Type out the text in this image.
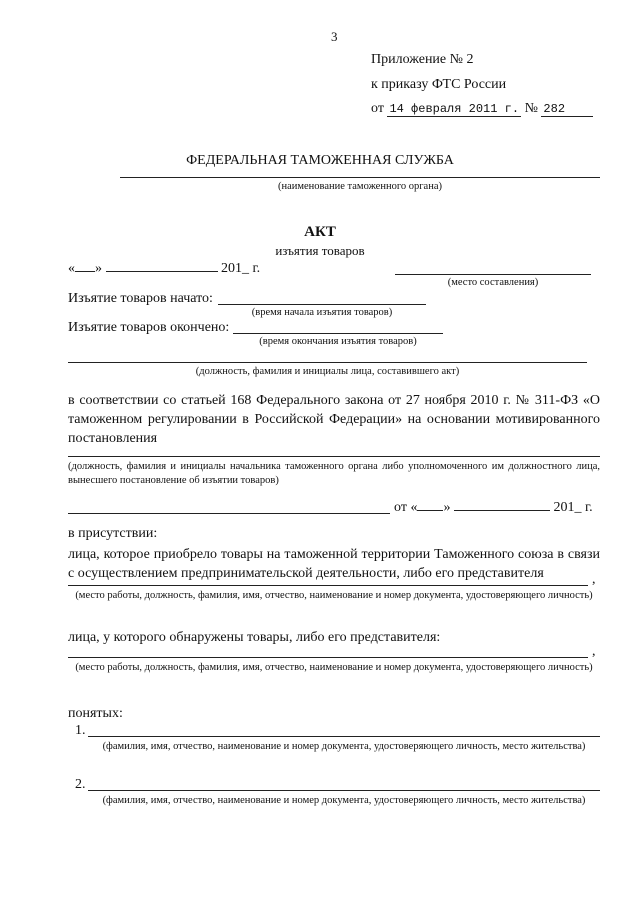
3
Приложение № 2
к приказу ФТС России
от 14 февраля 2011 г. № 282
ФЕДЕРАЛЬНАЯ ТАМОЖЕННАЯ СЛУЖБА
(наименование таможенного органа)
АКТ
изъятия товаров
« »	201_ г.
(место составления)
Изъятие товаров начато:
(время начала изъятия товаров)
Изъятие товаров окончено:
(время окончания изъятия товаров)
(должность, фамилия и инициалы лица, составившего акт)
в соответствии со статьей 168 Федерального закона от 27 ноября 2010 г. № 311-ФЗ «О таможенном регулировании в Российской Федерации» на основании мотивированного постановления
(должность, фамилия и инициалы начальника таможенного органа либо уполномоченного им должностного лица, вынесшего постановление об изъятии товаров)
от « »	201_ г.
в присутствии:
лица, которое приобрело товары на таможенной территории Таможенного союза в связи с осуществлением предпринимательской деятельности, либо его представителя	,
(место работы, должность, фамилия, имя, отчество, наименование и номер документа, удостоверяющего личность)
лица, у которого обнаружены товары, либо его представителя:
,
(место работы, должность, фамилия, имя, отчество, наименование и номер документа, удостоверяющего личность)
понятых:
1.
(фамилия, имя, отчество, наименование и номер документа, удостоверяющего личность, место жительства)
2.
(фамилия, имя, отчество, наименование и номер документа, удостоверяющего личность, место жительства)
